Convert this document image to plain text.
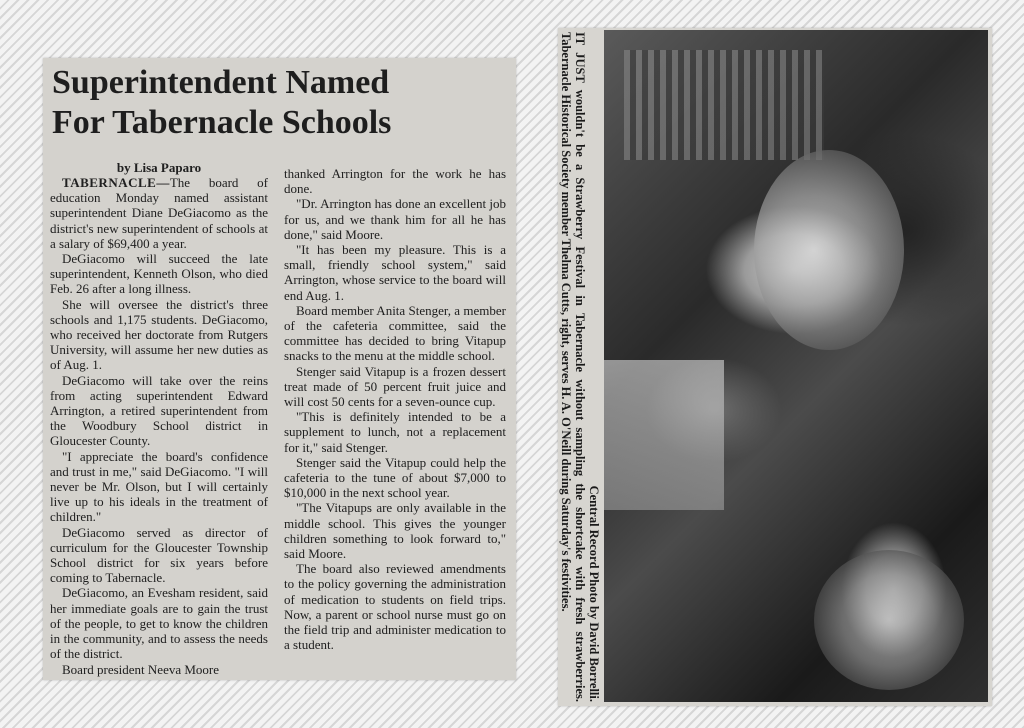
Superintendent Named
For Tabernacle Schools

by Lisa Paparo

TABERNACLE—The board of education Monday named assistant superintendent Diane DeGiacomo as the district's new superintendent of schools at a salary of $69,400 a year.

DeGiacomo will succeed the late superintendent, Kenneth Olson, who died Feb. 26 after a long illness.

She will oversee the district's three schools and 1,175 students. DeGiacomo, who received her doctorate from Rutgers University, will assume her new duties as of Aug. 1.

DeGiacomo will take over the reins from acting superintendent Edward Arrington, a retired superintendent from the Woodbury School district in Gloucester County.

"I appreciate the board's confidence and trust in me," said DeGiacomo. "I will never be Mr. Olson, but I will certainly live up to his ideals in the treatment of children."

DeGiacomo served as director of curriculum for the Gloucester Township School district for six years before coming to Tabernacle.

DeGiacomo, an Evesham resident, said her immediate goals are to gain the trust of the people, to get to know the children in the community, and to assess the needs of the district.

Board president Neeva Moore

thanked Arrington for the work he has done.

"Dr. Arrington has done an excellent job for us, and we thank him for all he has done," said Moore.

"It has been my pleasure. This is a small, friendly school system," said Arrington, whose service to the board will end Aug. 1.

Board member Anita Stenger, a member of the cafeteria committee, said the committee has decided to bring Vitapup snacks to the menu at the middle school.

Stenger said Vitapup is a frozen dessert treat made of 50 percent fruit juice and will cost 50 cents for a seven-ounce cup.

"This is definitely intended to be a supplement to lunch, not a replacement for it," said Stenger.

Stenger said the Vitapup could help the cafeteria to the tune of about $7,000 to $10,000 in the next school year.

"The Vitapups are only available in the middle school. This gives the younger children something to look forward to," said Moore.

The board also reviewed amendments to the policy governing the administration of medication to students on field trips. Now, a parent or school nurse must go on the field trip and administer medication to a student.	Central Record Photo by David Borrelli.
IT JUST wouldn't be a Strawberry Festival in Tabernacle without sampling the shortcake with fresh strawberries. Tabernacle Historical Society member Thelma Cutts, right, serves H. A. O'Neill during Saturday's festivities.
